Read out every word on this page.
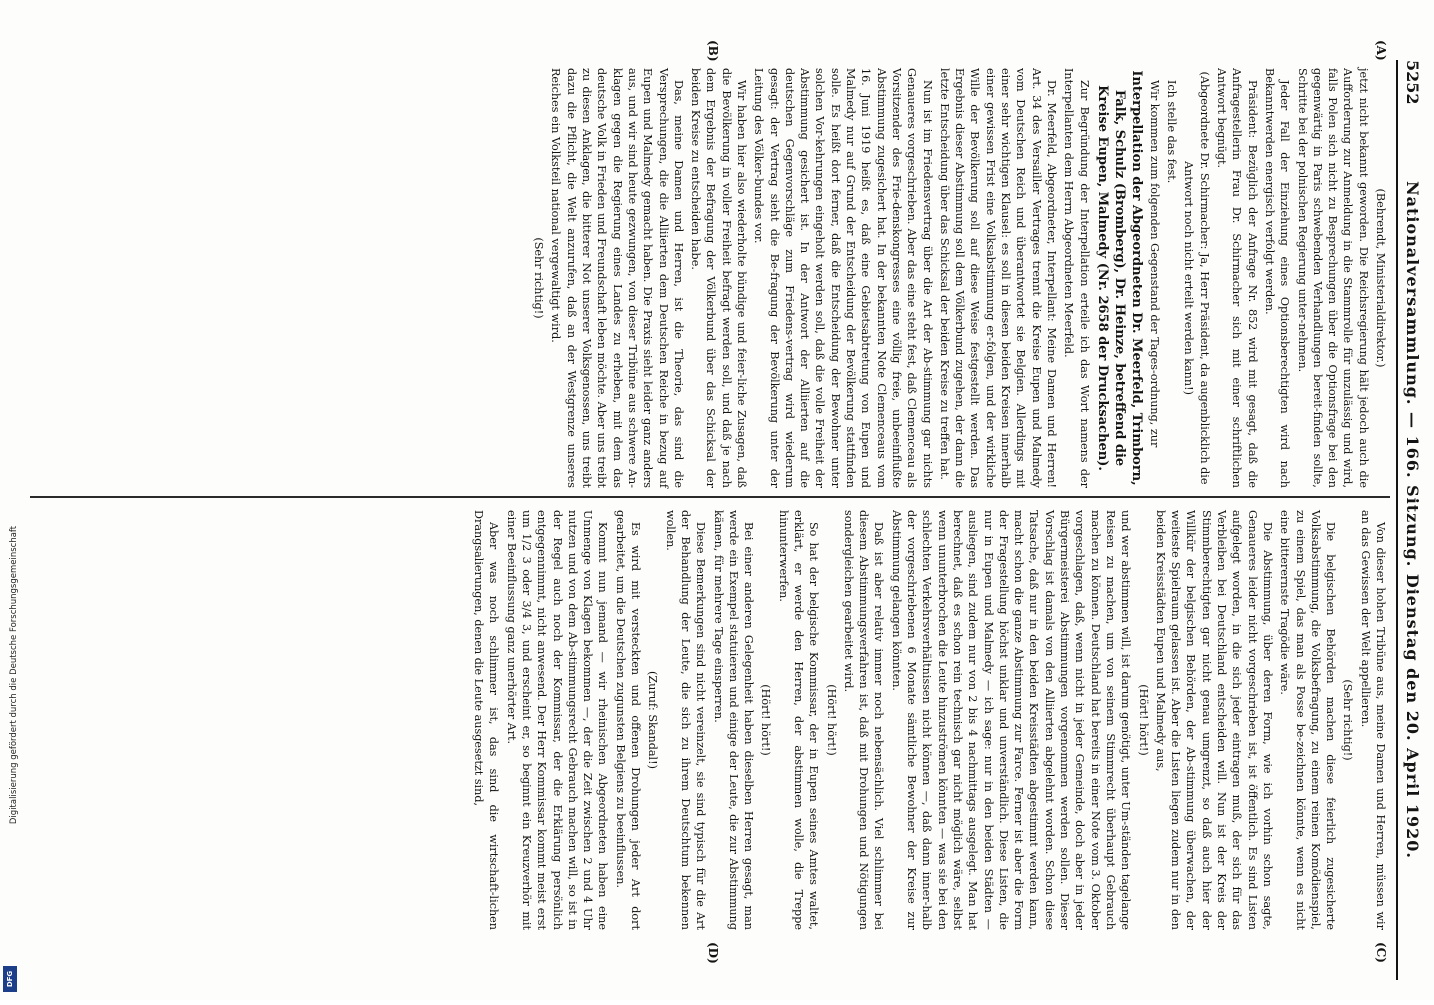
5252
Nationalversammlung. — 166. Sitzung. Dienstag den 20. April 1920.
(A)
(B)
(C)
(D)

(Behrendt, Ministerialdirektor.)

jetzt nicht bekannt geworden. Die Reichsregierung hält jedoch auch die Aufforderung zur Anmeldung in die Stammrolle für unzulässig und wird, falls Polen sich nicht zu Besprechungen über die Optionsfrage bei den gegenwärtig in Paris schwebenden Verhandlungen bereit-finden sollte, Schritte bei der polnischen Regierung unter-nehmen.

Jeder Fall der Einziehung eines Optionsberechtigten wird nach Bekanntwerden energisch verfolgt werden.

Präsident: Bezüglich der Anfrage Nr. 852 wird mit gesagt, daß die Anfragestellerin Frau Dr. Schirmacher sich mit einer schriftlichen Antwort begnügt.

(Abgeordnete Dr. Schirmacher: Ja, Herr Präsident, da augenblicklich die Antwort noch nicht erteilt werden kann!)

Ich stelle das fest.

Wir kommen zum folgenden Gegenstand der Tages-ordnung, zur

Interpellation der Abgeordneten Dr. Meerfeld, Trimborn, Falk, Schulz (Bromberg), Dr. Heinze, betreffend die Kreise Eupen, Malmedy (Nr. 2658 der Drucksachen).

Zur Begründung der Interpellation erteile ich das Wort namens der Interpellanten dem Herrn Abgeordneten Meerfeld.

Dr. Meerfeld, Abgeordneter, Interpellant: Meine Damen und Herren! Art. 34 des Versailler Vertrages trennt die Kreise Eupen und Malmedy vom Deutschen Reich und überantwortet sie Belgien. Allerdings mit einer sehr wichtigen Klausel: es soll in diesen beiden Kreisen innerhalb einer gewissen Frist eine Volksabstimmung er-folgen, und der wirkliche Wille der Bevölkerung soll auf diese Weise festgestellt werden. Das Ergebnis dieser Abstimmung soll dem Völkerbund zugehen, der dann die letzte Entscheidung über das Schicksal der beiden Kreise zu treffen hat.

Nun ist im Friedensvertrag über die Art der Ab-stimmung gar nichts Genaueres vorgeschrieben. Aber das eine steht fest, daß Clemenceau als Vorsitzender des Frie-denskongresses eine völlig freie, unbeeinflußte Abstimmung zugesichert hat. In der bekannten Note Clemenceaus vom 16. Juni 1919 heißt es, daß eine Gebietsabtretung von Eupen und Malmedy nur auf Grund der Entscheidung der Bevölkerung stattfinden solle. Es heißt dort ferner, daß die Entscheidung der Bewohner unter solchen Vor-kehrungen eingeholt werden soll, daß die volle Freiheit der Abstimmung gesichert ist. In der Antwort der Alliierten auf die deutschen Gegenvorschläge zum Friedens-vertrag wird wiederum gesagt: der Vertrag sieht die Be-fragung der Bevölkerung unter der Leitung des Völker-bundes vor.

Wir haben hier also wiederholte bündige und feier-liche Zusagen, daß die Bevölkerung in voller Freiheit befragt werden soll, und daß je nach dem Ergebnis der Befragung der Völkerbund über das Schicksal der beiden Kreise zu entscheiden habe.

Das, meine Damen und Herren, ist die Theorie, das sind die Versprechungen, die die Alliierten dem Deutschen Reiche in bezug auf Eupen und Malmedy gemacht haben. Die Praxis sieht leider ganz anders aus, und wir sind heute gezwungen, von dieser Tribüne aus schwere An-klagen gegen die Regierung eines Landes zu erheben, mit dem das deutsche Volk in Frieden und Freundschaft leben möchte. Aber uns treibt zu diesen Anklagen, die bitterer Not unserer Volksgenossen, uns treibt dazu die Pflicht, die Welt anzurufen, daß an der Westgrenze unseres Reiches ein Volksteil national vergewaltigt wird.

(Sehr richtig!)

Von dieser hohen Tribüne aus, meine Damen und Herren, müssen wir an das Gewissen der Welt appellieren.

(Sehr richtig!)

Die belgischen Behörden machen diese feierlich zugesicherte Volksabstimmung, die Volksbefragung, zu einem reinen Komödienspiel, zu einem Spiel, das man als Posse be-zeichnen könnte, wenn es nicht eine bitterernste Tragödie wäre.

Die Abstimmung, über deren Form, wie ich vorhin schon sagte, Genaueres leider nicht vorgeschrieben ist, ist öffentlich. Es sind Listen aufgelegt worden, in die sich jeder eintragen muß, der sich für das Verbleiben bei Deutschland entscheiden will. Nun ist der Kreis der Stimmberechtigten gar nicht genau umgrenzt, so daß auch hier der Willkür der belgischen Behörden, der Ab-stimmung überwachen, der weiteste Spielraum gelassen ist. Aber die Listen liegen zudem nur in den beiden Kreisstädten Eupen und Malmedy aus,

(Hört! hört!)

und wer abstimmen will, ist darum genötigt, unter Um-ständen tagelange Reisen zu machen, um von seinem Stimmrecht überhaupt Gebrauch machen zu können. Deutschland hat bereits in einer Note vom 3. Oktober vorgeschlagen, daß, wenn nicht in jeder Gemeinde, doch aber in jeder Bürgermeisterei Abstimmungen vorgenommen werden sollen. Dieser Vorschlag ist damals von den Alliierten abgelehnt worden. Schon diese Tatsache, daß nur in den beiden Kreisstädten abgestimmt werden kann, macht schon die ganze Abstimmung zur Farce. Ferner ist aber die Form der Fragestellung höchst unklar und unverständlich. Diese Listen, die nur in Eupen und Malmedy — ich sage: nur in den beiden Städten — ausliegen, sind zudem nur von 2 bis 4 nachmittags ausgelegt. Man hat berechnet, daß es schon rein technisch gar nicht möglich wäre, selbst wenn ununterbrochen die Leute hinzuströmen könnten — was sie bei den schlechten Verkehrsverhältnissen nicht können —, daß dann inner-halb der vorgeschriebenen 6 Monate sämtliche Bewohner der Kreise zur Abstimmung gelangen könnten.

Daß ist aber relativ immer noch nebensächlich. Viel schlimmer bei diesem Abstimmungsverfahren ist, daß mit Drohungen und Nötigungen sondergleichen gearbeitet wird.

(Hört! hört!)

So hat der belgische Kommissar, der in Eupen seines Amtes waltet, erklärt, er werde den Herren, der abstimmen wolle, die Treppe hinunterwerfen.

(Hört! hört!)

Bei einer anderen Gelegenheit haben dieselben Herren gesagt, man werde ein Exempel statuieren und einige der Leute, die zur Abstimmung kämen, für mehrere Tage einsperren.

Diese Bemerkungen sind nicht vereinzelt, sie sind typisch für die Art der Behandlung der Leute, die sich zu ihrem Deutschtum bekennen wollen.

(Zuruf: Skandal!)

Es wird mit versteckten und offenen Drohungen jeder Art dort gearbeitet, um die Deutschen zugunsten Belgiens zu beeinflussen.

Kommt nun jemand — wir rheinischen Abgeordneten haben eine Unmenge von Klagen bekommen —, der die Zeit zwischen 2 und 4 Uhr nutzen und von dem Ab-stimmungsrecht Gebrauch machen will, so ist in der Regel auch noch der Kommissar, der die Erklärung persönlich entgegennimmt, nicht anwesend. Der Herr Kommissar kommt meist erst um 1/2 3 oder 3/4 3, und erscheint er, so beginnt ein Kreuzverhör mit einer Beeinflussung ganz unerhörter Art.

Aber was noch schlimmer ist, das sind die wirtschaft-lichen Drangsalierungen, denen die Leute ausgesetzt sind,

Digitalisierung gefördert durch die Deutsche Forschungsgemeinschaft
DFG
